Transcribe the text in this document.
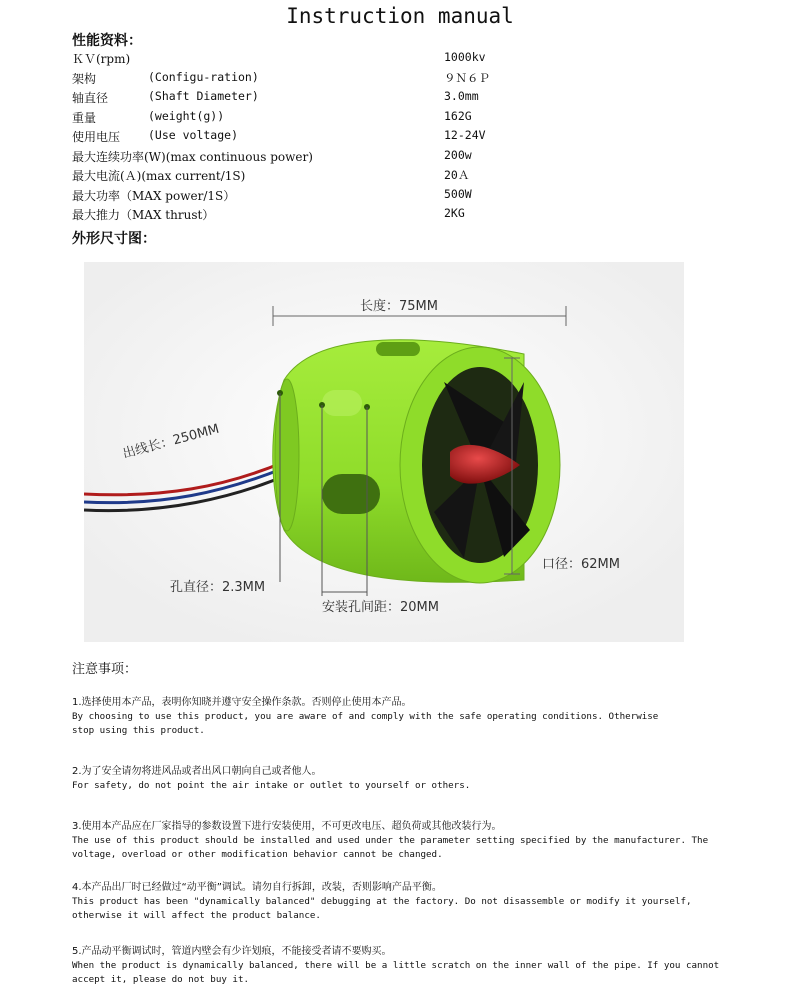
Instruction manual
性能资料：
ＫＶ(rpm)	1000kv
架构	(Configu-ration)	９Ｎ６Ｐ
轴直径	(Shaft Diameter)	3.0mm
重量	(weight(g))	162G
使用电压 (Use voltage)	12-24V
最大连续功率(W)(max continuous power)	200w
最大电流(Ａ)(max current/1S)	20Ａ
最大功率（MAX power/1S）	500W
最大推力（MAX thrust）	2KG
外形尺寸图：
长度：75MM
口径：62MM
孔直径：2.3MM
安装孔间距：20MM
出线长：250MM
注意事项：
1.选择使用本产品，表明你知晓并遵守安全操作条款。否则停止使用本产品。
By choosing to use this product, you are aware of and comply with the safe operating conditions. Otherwise
stop using this product.
2.为了安全请勿将进风品或者出风口朝向自己或者他人。
For safety, do not point the air intake or outlet to yourself or others.
3.使用本产品应在厂家指导的参数设置下进行安装使用，不可更改电压、超负荷或其他改装行为。
The use of this product should be installed and used under the parameter setting specified by the manufacturer. The
voltage, overload or other modification behavior cannot be changed.
4.本产品出厂时已经做过“动平衡”调试。请勿自行拆卸，改装，否则影响产品平衡。
This product has been "dynamically balanced" debugging at the factory. Do not disassemble or modify it yourself,
otherwise it will affect the product balance.
5.产品动平衡调试时，管道内壁会有少许划痕，不能接受者请不要购买。
When the product is dynamically balanced, there will be a little scratch on the inner wall of the pipe. If you cannot
accept it, please do not buy it.
